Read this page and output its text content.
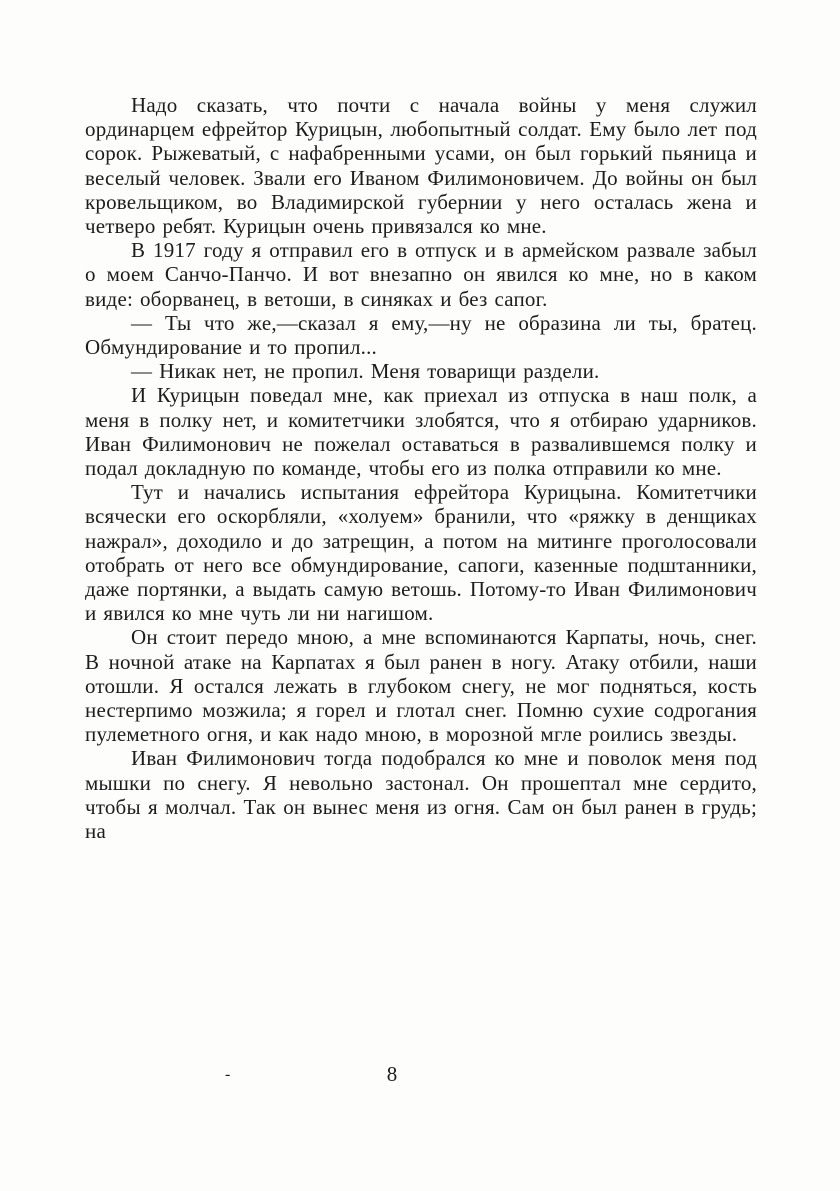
Надо сказать, что почти с начала войны у меня служил ординарцем ефрейтор Курицын, любопытный солдат. Ему было лет под сорок. Рыжеватый, с нафабренными усами, он был горький пьяница и веселый человек. Звали его Иваном Филимоновичем. До войны он был кровельщиком, во Владимирской губернии у него осталась жена и четверо ребят. Курицын очень привязался ко мне.

В 1917 году я отправил его в отпуск и в армейском развале забыл о моем Санчо-Панчо. И вот внезапно он явился ко мне, но в каком виде: оборванец, в ветоши, в синяках и без сапог.

— Ты что же,—сказал я ему,—ну не образина ли ты, братец. Обмундирование и то пропил...

— Никак нет, не пропил. Меня товарищи раздели.

И Курицын поведал мне, как приехал из отпуска в наш полк, а меня в полку нет, и комитетчики злобятся, что я отбираю ударников. Иван Филимонович не пожелал оставаться в развалившемся полку и подал докладную по команде, чтобы его из полка отправили ко мне.

Тут и начались испытания ефрейтора Курицына. Комитетчики всячески его оскорбляли, «холуем» бранили, что «ряжку в денщиках нажрал», доходило и до затрещин, а потом на митинге проголосовали отобрать от него все обмундирование, сапоги, казенные подштанники, даже портянки, а выдать самую ветошь. Потому-то Иван Филимонович и явился ко мне чуть ли ни нагишом.

Он стоит передо мною, а мне вспоминаются Карпаты, ночь, снег. В ночной атаке на Карпатах я был ранен в ногу. Атаку отбили, наши отошли. Я остался лежать в глубоком снегу, не мог подняться, кость нестерпимо мозжила; я горел и глотал снег. Помню сухие содрогания пулеметного огня, и как надо мною, в морозной мгле роились звезды.

Иван Филимонович тогда подобрался ко мне и поволок меня под мышки по снегу. Я невольно застонал. Он прошептал мне сердито, чтобы я молчал. Так он вынес меня из огня. Сам он был ранен в грудь; на

-	8
